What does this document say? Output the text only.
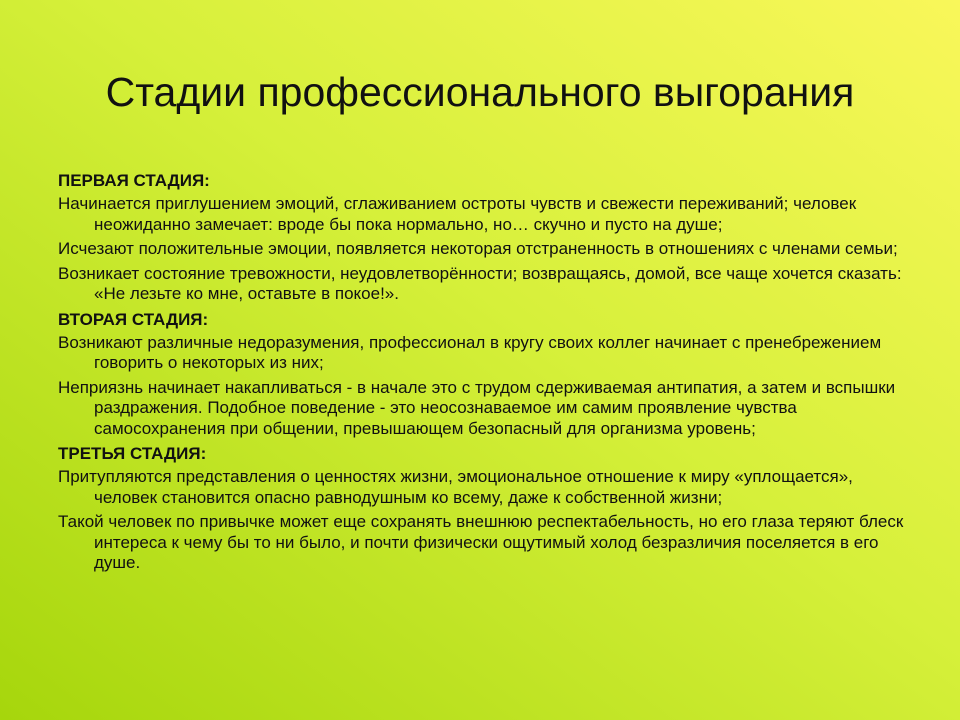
Стадии профессионального выгорания
ПЕРВАЯ СТАДИЯ:
Начинается приглушением эмоций, сглаживанием остроты чувств и свежести переживаний; человек неожиданно замечает: вроде бы пока нормально, но… скучно и пусто на душе;
Исчезают положительные эмоции, появляется некоторая отстраненность в отношениях с членами семьи;
Возникает состояние тревожности, неудовлетворённости; возвращаясь, домой, все чаще хочется сказать: «Не лезьте ко мне, оставьте в покое!».
ВТОРАЯ СТАДИЯ:
Возникают различные недоразумения, профессионал в кругу своих коллег начинает с пренебрежением говорить о некоторых из них;
Неприязнь начинает накапливаться - в начале это с трудом сдерживаемая антипатия, а затем и вспышки раздражения. Подобное поведение - это неосознаваемое им самим проявление чувства самосохранения при общении, превышающем безопасный для организма уровень;
ТРЕТЬЯ СТАДИЯ:
Притупляются представления о ценностях жизни, эмоциональное отношение к миру «уплощается», человек становится опасно равнодушным ко всему, даже к собственной жизни;
Такой человек по привычке может еще сохранять внешнюю респектабельность, но его глаза теряют блеск интереса к чему бы то ни было, и почти физически ощутимый холод безразличия поселяется в его душе.
